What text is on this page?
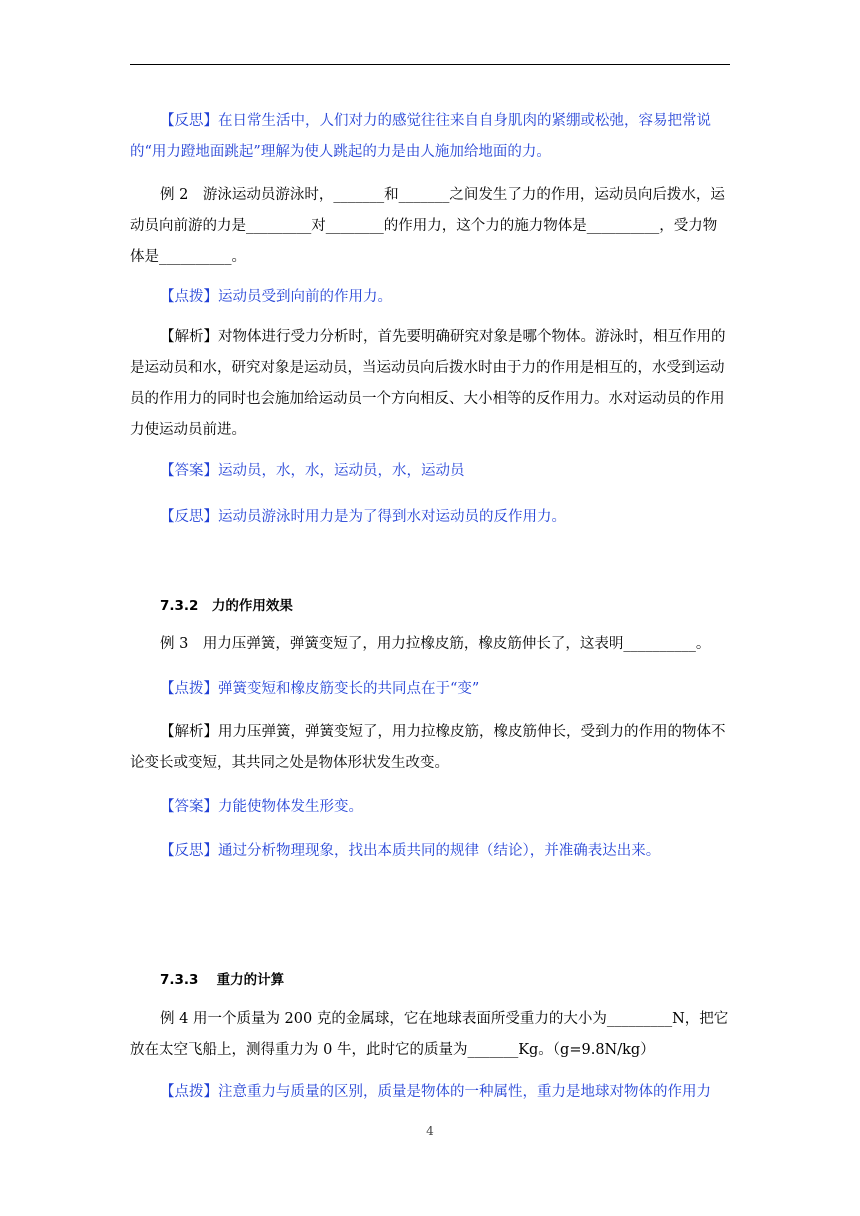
【反思】在日常生活中，人们对力的感觉往往来自自身肌肉的紧绷或松弛，容易把常说的“用力蹬地面跳起”理解为使人跳起的力是由人施加给地面的力。
例 2　游泳运动员游泳时，_______和_______之间发生了力的作用，运动员向后拨水，运动员向前游的力是_________对________的作用力，这个力的施力物体是__________，受力物体是__________。
【点拨】运动员受到向前的作用力。
【解析】对物体进行受力分析时，首先要明确研究对象是哪个物体。游泳时，相互作用的是运动员和水，研究对象是运动员，当运动员向后拨水时由于力的作用是相互的，水受到运动员的作用力的同时也会施加给运动员一个方向相反、大小相等的反作用力。水对运动员的作用力使运动员前进。
【答案】运动员，水，水，运动员，水，运动员
【反思】运动员游泳时用力是为了得到水对运动员的反作用力。
7.3.2　力的作用效果
例 3　用力压弹簧，弹簧变短了，用力拉橡皮筋，橡皮筋伸长了，这表明__________。
【点拨】弹簧变短和橡皮筋变长的共同点在于“变”
【解析】用力压弹簧，弹簧变短了，用力拉橡皮筋，橡皮筋伸长，受到力的作用的物体不论变长或变短，其共同之处是物体形状发生改变。
【答案】力能使物体发生形变。
【反思】通过分析物理现象，找出本质共同的规律（结论），并准确表达出来。
7.3.3　 重力的计算
例 4 用一个质量为 200 克的金属球，它在地球表面所受重力的大小为_________N，把它放在太空飞船上，测得重力为 0 牛，此时它的质量为_______Kg。（g=9.8N/kg）
【点拨】注意重力与质量的区别，质量是物体的一种属性，重力是地球对物体的作用力
4
